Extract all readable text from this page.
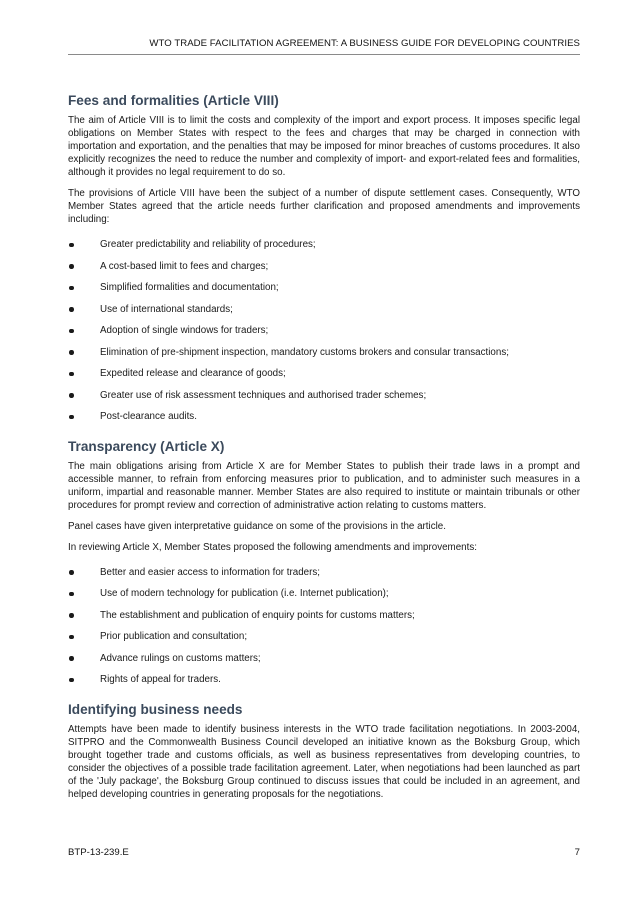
WTO TRADE FACILITATION AGREEMENT: A BUSINESS GUIDE FOR DEVELOPING COUNTRIES
Fees and formalities (Article VIII)

The aim of Article VIII is to limit the costs and complexity of the import and export process. It imposes specific legal obligations on Member States with respect to the fees and charges that may be charged in connection with importation and exportation, and the penalties that may be imposed for minor breaches of customs procedures. It also explicitly recognizes the need to reduce the number and complexity of import- and export-related fees and formalities, although it provides no legal requirement to do so.

The provisions of Article VIII have been the subject of a number of dispute settlement cases. Consequently, WTO Member States agreed that the article needs further clarification and proposed amendments and improvements including:

Greater predictability and reliability of procedures;
A cost-based limit to fees and charges;
Simplified formalities and documentation;
Use of international standards;
Adoption of single windows for traders;
Elimination of pre-shipment inspection, mandatory customs brokers and consular transactions;
Expedited release and clearance of goods;
Greater use of risk assessment techniques and authorised trader schemes;
Post-clearance audits.
Transparency (Article X)

The main obligations arising from Article X are for Member States to publish their trade laws in a prompt and accessible manner, to refrain from enforcing measures prior to publication, and to administer such measures in a uniform, impartial and reasonable manner. Member States are also required to institute or maintain tribunals or other procedures for prompt review and correction of administrative action relating to customs matters.

Panel cases have given interpretative guidance on some of the provisions in the article.

In reviewing Article X, Member States proposed the following amendments and improvements:

Better and easier access to information for traders;
Use of modern technology for publication (i.e. Internet publication);
The establishment and publication of enquiry points for customs matters;
Prior publication and consultation;
Advance rulings on customs matters;
Rights of appeal for traders.
Identifying business needs

Attempts have been made to identify business interests in the WTO trade facilitation negotiations. In 2003-2004, SITPRO and the Commonwealth Business Council developed an initiative known as the Boksburg Group, which brought together trade and customs officials, as well as business representatives from developing countries, to consider the objectives of a possible trade facilitation agreement. Later, when negotiations had been launched as part of the 'July package', the Boksburg Group continued to discuss issues that could be included in an agreement, and helped developing countries in generating proposals for the negotiations.

BTP-13-239.E	7
